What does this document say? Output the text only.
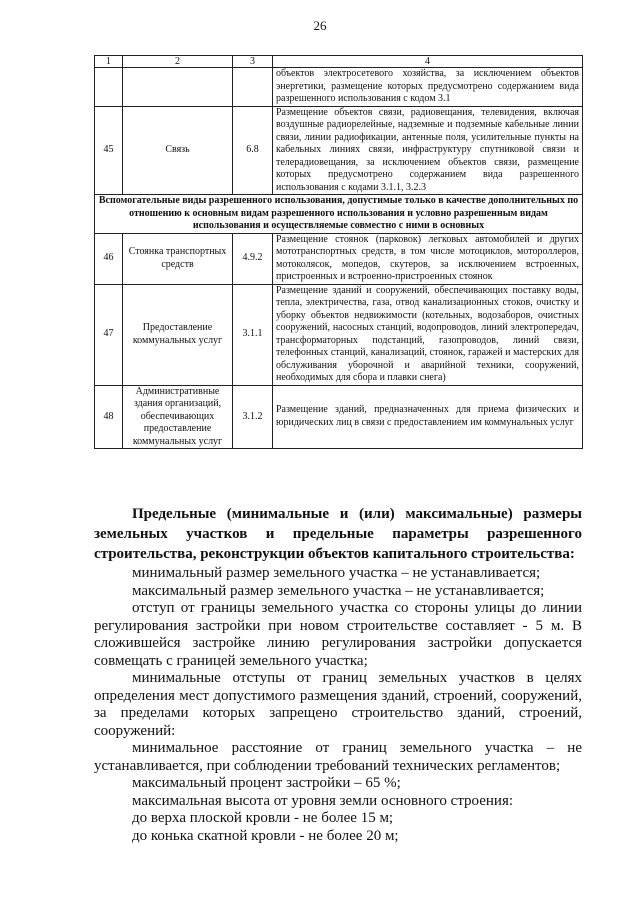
26
1	2	3	4
			объектов электросетевого хозяйства, за исключением объектов энергетики, размещение которых предусмотрено содержанием вида разрешенного использования с кодом 3.1
45	Связь	6.8	Размещение объектов связи, радиовещания, телевидения, включая воздушные радиорелейные, надземные и подземные кабельные линии связи, линии радиофикации, антенные поля, усилительные пункты на кабельных линиях связи, инфраструктуру спутниковой связи и телерадиовещания, за исключением объектов связи, размещение которых предусмотрено содержанием вида разрешенного использования с кодами 3.1.1, 3.2.3
Вспомогательные виды разрешенного использования, допустимые только в качестве дополнительных по отношению к основным видам разрешенного использования и условно разрешенным видам использования и осуществляемые совместно с ними в основных			
46	Стоянка транспортных средств	4.9.2	Размещение стоянок (парковок) легковых автомобилей и других мототранспортных средств, в том числе мотоциклов, мотороллеров, мотоколясок, мопедов, скутеров, за исключением встроенных, пристроенных и встроенно-пристроенных стоянок
47	Предоставление коммунальных услуг	3.1.1	Размещение зданий и сооружений, обеспечивающих поставку воды, тепла, электричества, газа, отвод канализационных стоков, очистку и уборку объектов недвижимости (котельных, водозаборов, очистных сооружений, насосных станций, водопроводов, линий электропередач, трансформаторных подстанций, газопроводов, линий связи, телефонных станций, канализаций, стоянок, гаражей и мастерских для обслуживания уборочной и аварийной техники, сооружений, необходимых для сбора и плавки снега)
48	Административные здания организаций, обеспечивающих предоставление коммунальных услуг	3.1.2	Размещение зданий, предназначенных для приема физических и юридических лиц в связи с предоставлением им коммунальных услуг

Предельные (минимальные и (или) максимальные) размеры земельных участков и предельные параметры разрешенного строительства, реконструкции объектов капитального строительства:

минимальный размер земельного участка – не устанавливается;

максимальный размер земельного участка – не устанавливается;

отступ от границы земельного участка со стороны улицы до линии регулирования застройки при новом строительстве составляет - 5 м. В сложившейся застройке линию регулирования застройки допускается совмещать с границей земельного участка;

минимальные отступы от границ земельных участков в целях определения мест допустимого размещения зданий, строений, сооружений, за пределами которых запрещено строительство зданий, строений, сооружений:

минимальное расстояние от границ земельного участка – не устанавливается, при соблюдении требований технических регламентов;

максимальный процент застройки – 65 %;

максимальная высота от уровня земли основного строения:

до верха плоской кровли - не более 15 м;

до конька скатной кровли - не более 20 м;
